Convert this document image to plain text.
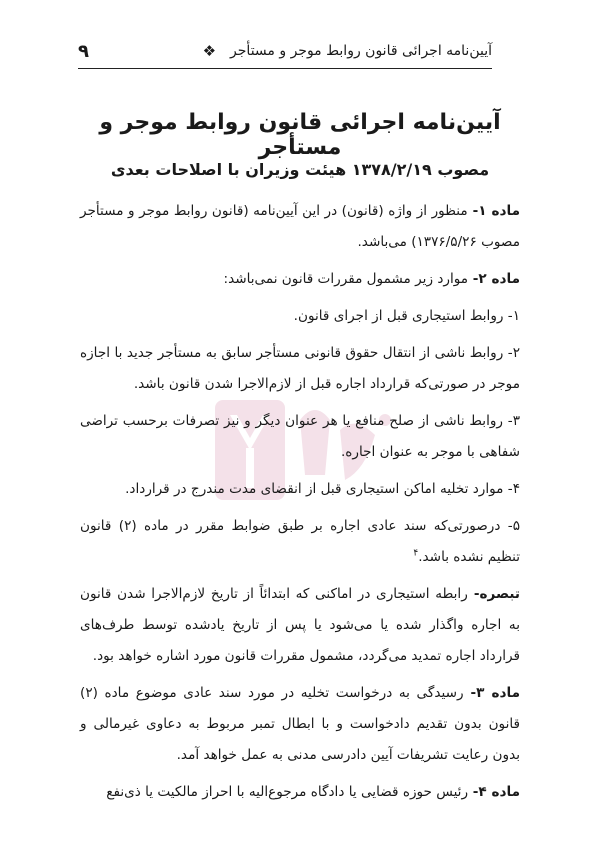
آیین‌نامه اجرائی قانون روابط موجر و مستأجر
❖
۹
آیین‌نامه اجرائی قانون روابط موجر و مستأجر
مصوب ۱۳۷۸/۲/۱۹ هیئت وزیران با اصلاحات بعدی

ماده ۱- منظور از واژه (قانون) در این آیین‌نامه (قانون روابط موجر و مستأجر مصوب ۱۳۷۶/۵/۲۶) می‌باشد.

ماده ۲- موارد زیر مشمول مقررات قانون نمی‌باشد:

۱- روابط استیجاری قبل از اجرای قانون.

۲- روابط ناشی از انتقال حقوق قانونی مستأجر سابق به مستأجر جدید با اجازه موجر در صورتی‌که قرارداد اجاره قبل از لازم‌الاجرا شدن قانون باشد.

۳- روابط ناشی از صلح منافع یا هر عنوان دیگر و نیز تصرفات برحسب تراضی شفاهی با موجر به عنوان اجاره.

۴- موارد تخلیه اماکن استیجاری قبل از انقضای مدت مندرج در قرارداد.

۵- درصورتی‌که سند عادی اجاره بر طبق ضوابط مقرر در ماده (۲) قانون تنظیم نشده باشد.$^۴$

تبصره- رابطه استیجاری در اماکنی که ابتدائاً از تاریخ لازم‌الاجرا شدن قانون به اجاره واگذار شده یا می‌شود یا پس از تاریخ یادشده توسط طرف‌های قرارداد اجاره تمدید می‌گردد، مشمول مقررات قانون مورد اشاره خواهد بود.

ماده ۳- رسیدگی به درخواست تخلیه در مورد سند عادی موضوع ماده (۲) قانون بدون تقدیم دادخواست و با ابطال تمبر مربوط به دعاوی غیرمالی و بدون رعایت تشریفات آیین دادرسی مدنی به عمل خواهد آمد.

ماده ۴- رئیس حوزه قضایی یا دادگاه مرجوع‌الیه با احراز مالکیت یا ذی‌نفع
